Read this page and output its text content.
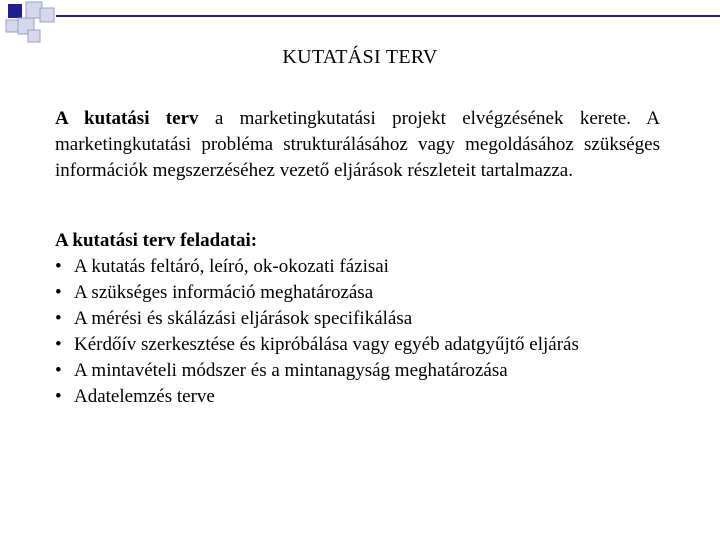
KUTATÁSI TERV

A kutatási terv a marketingkutatási projekt elvégzésének kerete. A marketingkutatási probléma strukturálásához vagy megoldásához szükséges információk megszerzéséhez vezető eljárások részleteit tartalmazza.

A kutatási terv feladatai:

• A kutatás feltáró, leíró, ok-okozati fázisai
• A szükséges információ meghatározása
• A mérési és skálázási eljárások specifikálása
• Kérdőív szerkesztése és kipróbálása vagy egyéb adatgyűjtő eljárás
• A mintavételi módszer és a mintanagyság meghatározása
• Adatelemzés terve
